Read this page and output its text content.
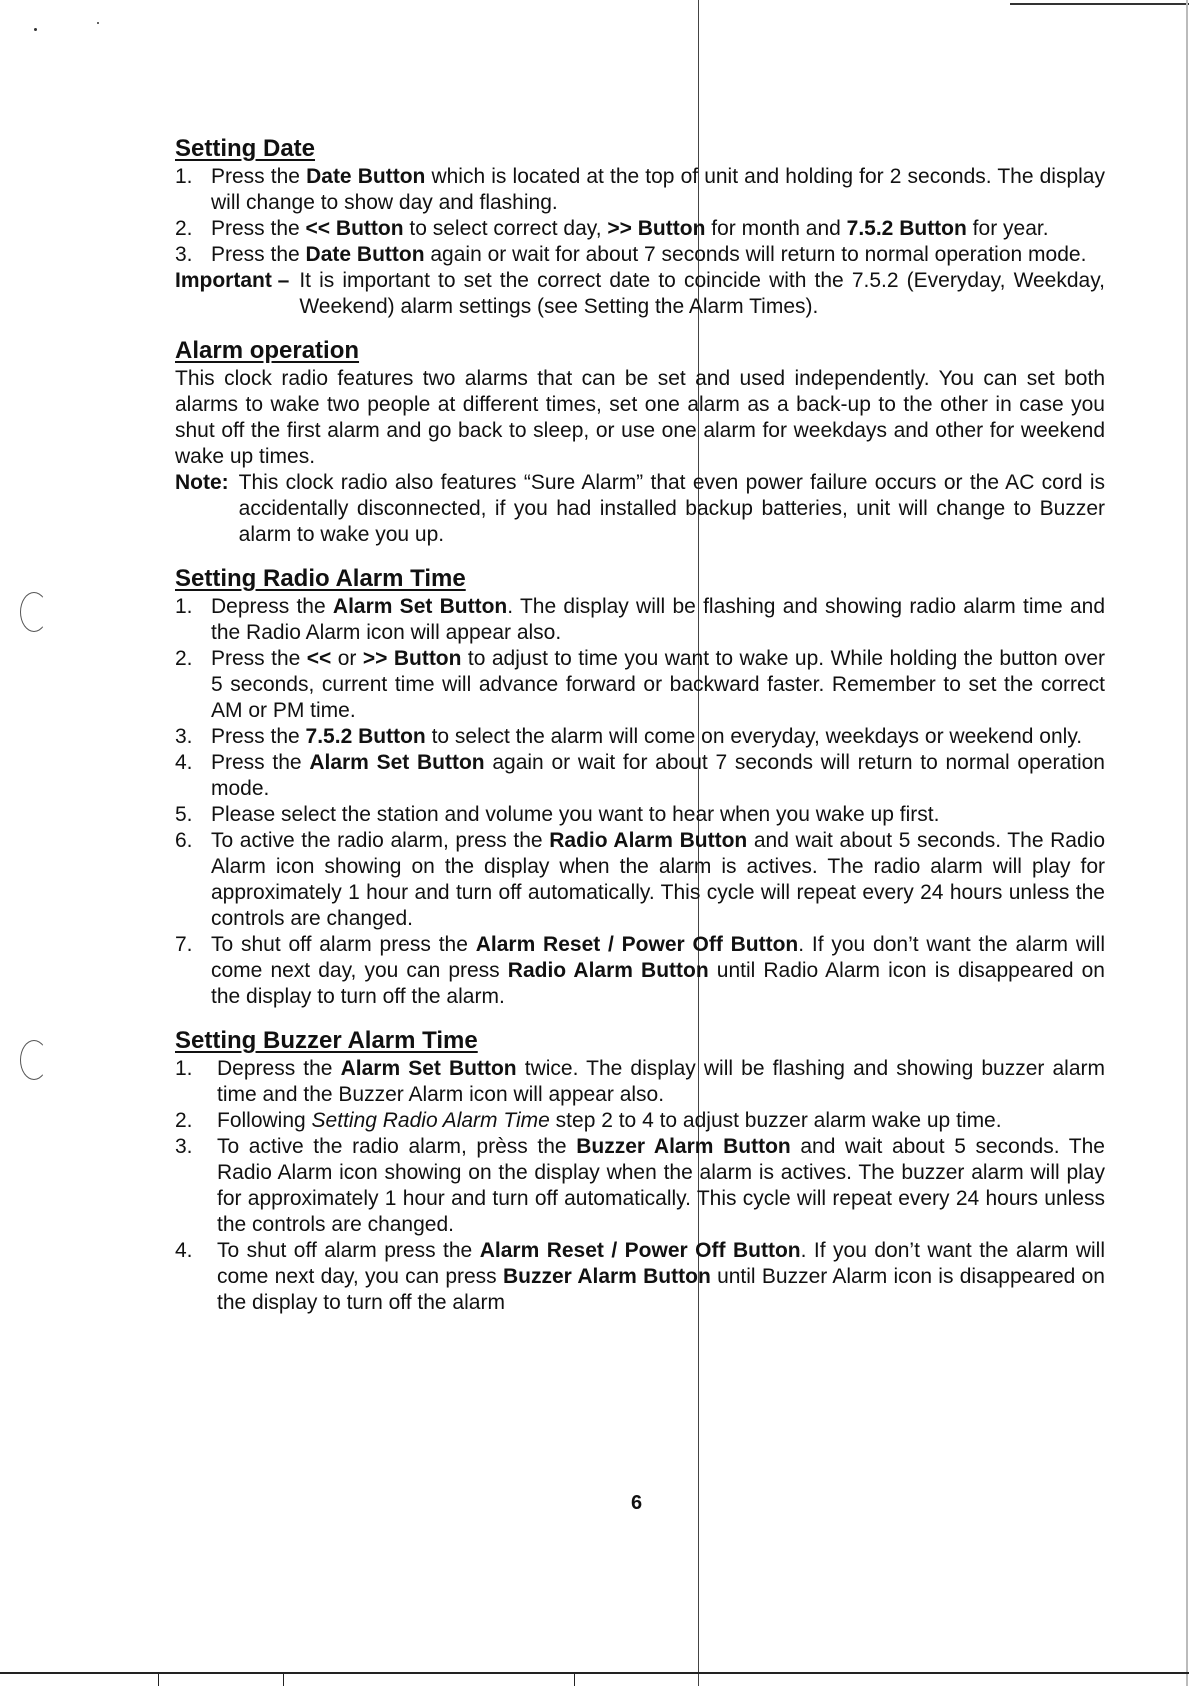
Setting Date
1. Press the Date Button which is located at the top of unit and holding for 2 seconds. The display will change to show day and flashing.
2. Press the << Button to select correct day, >> Button for month and 7.5.2 Button for year.
3. Press the Date Button again or wait for about 7 seconds will return to normal operation mode.
Important – It is important to set the correct date to coincide with the 7.5.2 (Everyday, Weekday, Weekend) alarm settings (see Setting the Alarm Times).
Alarm operation

This clock radio features two alarms that can be set and used independently. You can set both alarms to wake two people at different times, set one alarm as a back-up to the other in case you shut off the first alarm and go back to sleep, or use one alarm for weekdays and other for weekend wake up times.

Note: This clock radio also features “Sure Alarm” that even power failure occurs or the AC cord is accidentally disconnected, if you had installed backup batteries, unit will change to Buzzer alarm to wake you up.
Setting Radio Alarm Time
1. Depress the Alarm Set Button. The display will be flashing and showing radio alarm time and the Radio Alarm icon will appear also.
2. Press the << or >> Button to adjust to time you want to wake up. While holding the button over 5 seconds, current time will advance forward or backward faster. Remember to set the correct AM or PM time.
3. Press the 7.5.2 Button to select the alarm will come on everyday, weekdays or weekend only.
4. Press the Alarm Set Button again or wait for about 7 seconds will return to normal operation mode.
5. Please select the station and volume you want to hear when you wake up first.
6. To active the radio alarm, press the Radio Alarm Button and wait about 5 seconds. The Radio Alarm icon showing on the display when the alarm is actives. The radio alarm will play for approximately 1 hour and turn off automatically. This cycle will repeat every 24 hours unless the controls are changed.
7. To shut off alarm press the Alarm Reset / Power Off Button. If you don’t want the alarm will come next day, you can press Radio Alarm Button until Radio Alarm icon is disappeared on the display to turn off the alarm.
Setting Buzzer Alarm Time
1. Depress the Alarm Set Button twice. The display will be flashing and showing buzzer alarm time and the Buzzer Alarm icon will appear also.
2. Following Setting Radio Alarm Time step 2 to 4 to adjust buzzer alarm wake up time.
3. To active the radio alarm, prèss the Buzzer Alarm Button and wait about 5 seconds. The Radio Alarm icon showing on the display when the alarm is actives. The buzzer alarm will play for approximately 1 hour and turn off automatically. This cycle will repeat every 24 hours unless the controls are changed.
4. To shut off alarm press the Alarm Reset / Power Off Button. If you don’t want the alarm will come next day, you can press Buzzer Alarm Button until Buzzer Alarm icon is disappeared on the display to turn off the alarm
6
